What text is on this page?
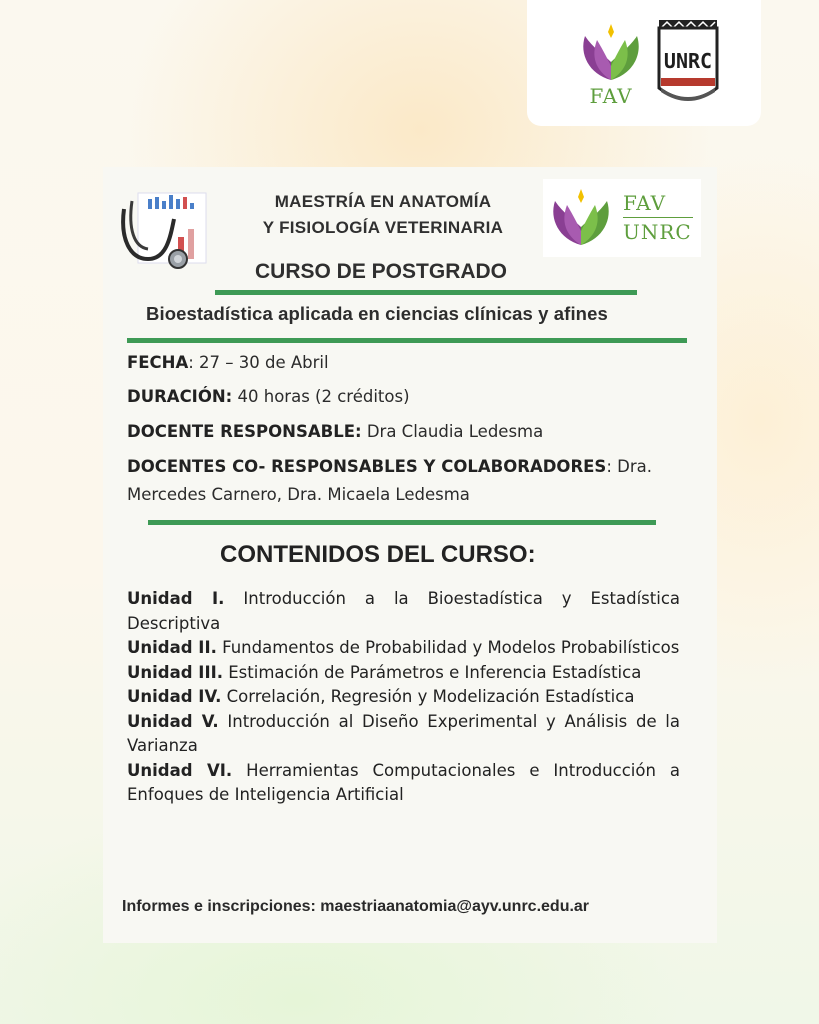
FAV
UNRC
MAESTRÍA EN ANATOMÍA
Y FISIOLOGÍA VETERINARIA
FAV
UNRC
CURSO DE POSTGRADO
Bioestadística aplicada en ciencias clínicas y afines
FECHA: 27 – 30 de Abril
DURACIÓN: 40 horas (2 créditos)
DOCENTE RESPONSABLE: Dra Claudia Ledesma
DOCENTES CO- RESPONSABLES Y COLABORADORES: Dra. Mercedes Carnero, Dra. Micaela Ledesma
CONTENIDOS DEL CURSO:

Unidad I. Introducción a la Bioestadística y Estadística Descriptiva

Unidad II. Fundamentos de Probabilidad y Modelos Probabilísticos

Unidad III. Estimación de Parámetros e Inferencia Estadística

Unidad IV. Correlación, Regresión y Modelización Estadística

Unidad V. Introducción al Diseño Experimental y Análisis de la Varianza

Unidad VI. Herramientas Computacionales e Introducción a Enfoques de Inteligencia Artificial

Informes e inscripciones: maestriaanatomia@ayv.unrc.edu.ar
